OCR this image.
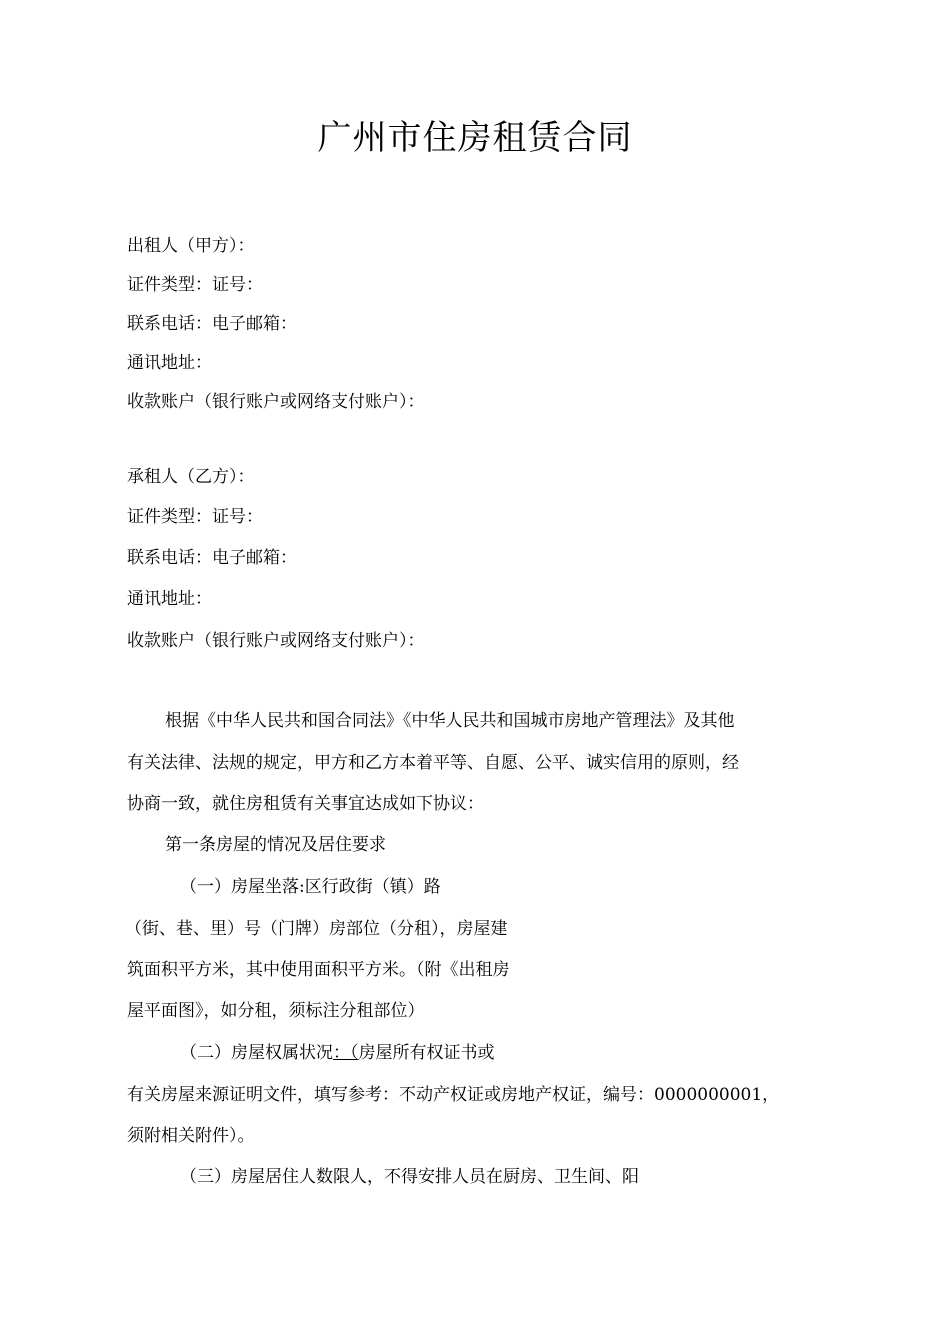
广州市住房租赁合同
出租人（甲方）：
证件类型：证号：
联系电话：电子邮箱：
通讯地址：
收款账户（银行账户或网络支付账户）：
承租人（乙方）：
证件类型：证号：
联系电话：电子邮箱：
通讯地址：
收款账户（银行账户或网络支付账户）：
根据《中华人民共和国合同法》《中华人民共和国城市房地产管理法》及其他
有关法律、法规的规定，甲方和乙方本着平等、自愿、公平、诚实信用的原则，经
协商一致，就住房租赁有关事宜达成如下协议：
第一条房屋的情况及居住要求
（一）房屋坐落:区行政街（镇）路
（街、巷、里）号（门牌）房部位（分租），房屋建
筑面积平方米，其中使用面积平方米。（附《出租房
屋平面图》，如分租，须标注分租部位）
（二）房屋权属状况：（房屋所有权证书或
有关房屋来源证明文件，填写参考：不动产权证或房地产权证，编号：0000000001，
须附相关附件）。
（三）房屋居住人数限人，不得安排人员在厨房、卫生间、阳
